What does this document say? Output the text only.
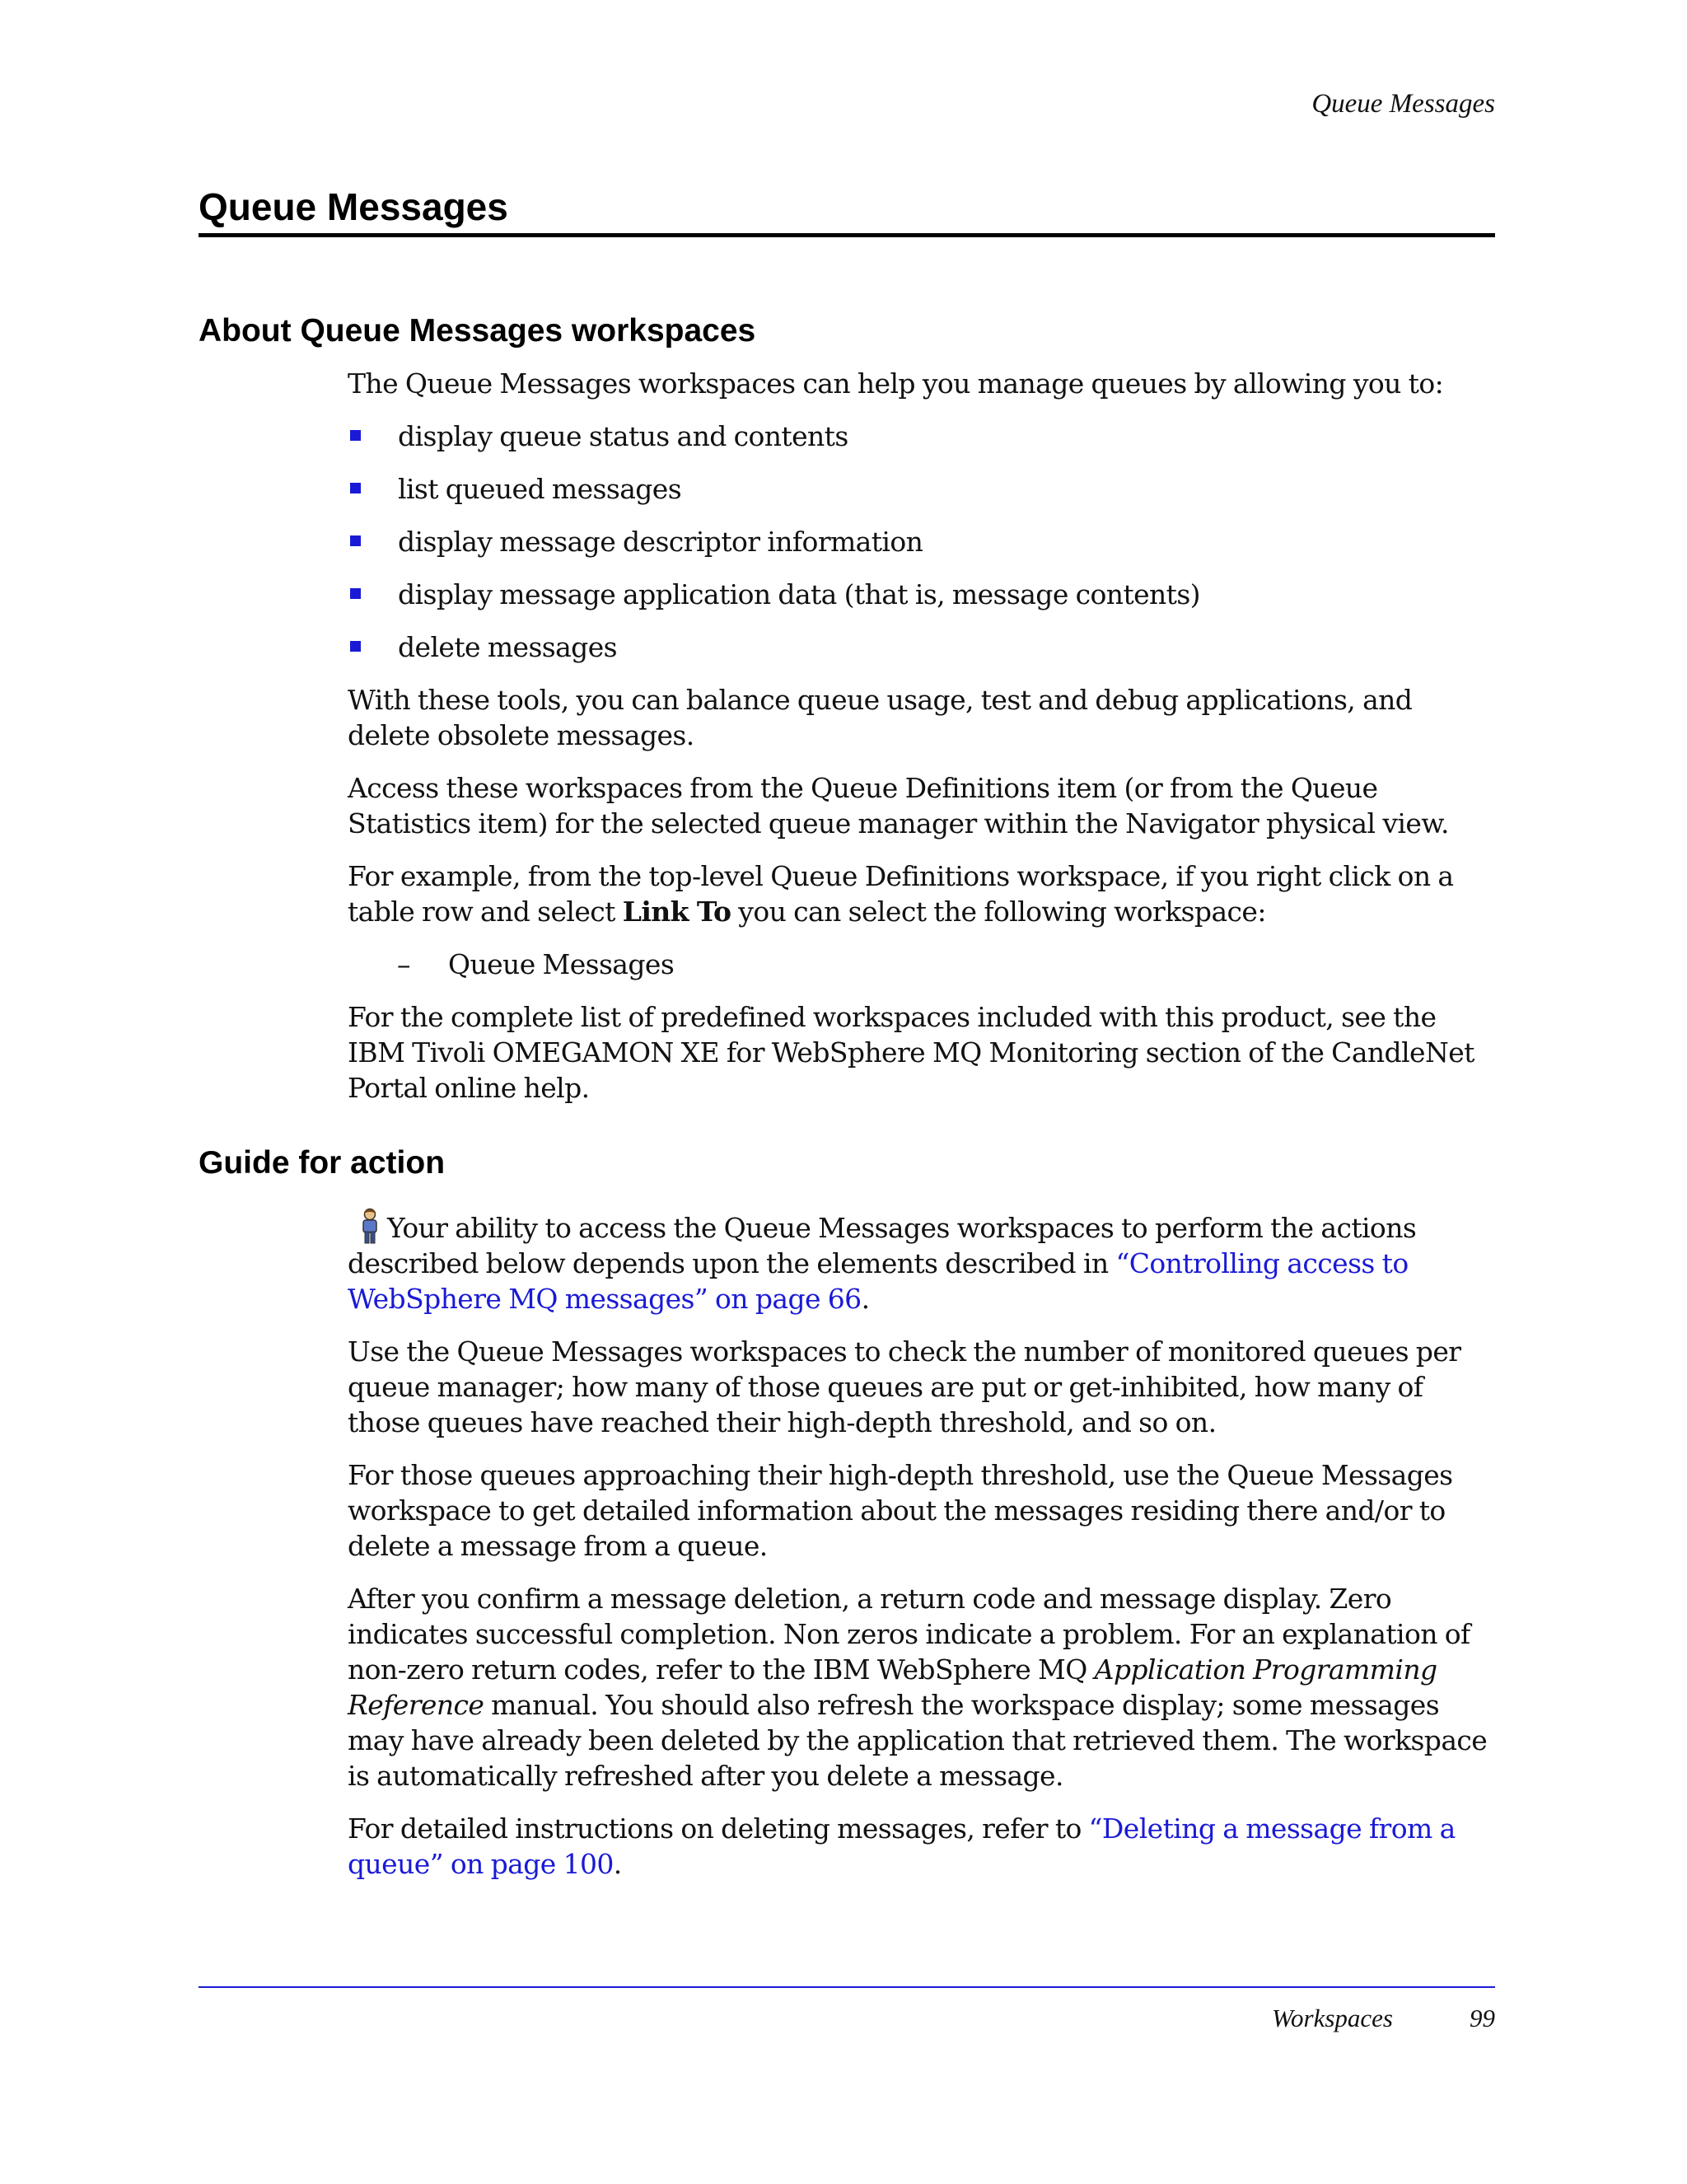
Queue Messages
Queue Messages
About Queue Messages workspaces

The Queue Messages workspaces can help you manage queues by allowing you to:

display queue status and contents
list queued messages
display message descriptor information
display message application data (that is, message contents)
delete messages

With these tools, you can balance queue usage, test and debug applications, and delete obsolete messages.

Access these workspaces from the Queue Definitions item (or from the Queue Statistics item) for the selected queue manager within the Navigator physical view.

For example, from the top-level Queue Definitions workspace, if you right click on a table row and select Link To you can select the following workspace:

– Queue Messages

For the complete list of predefined workspaces included with this product, see the IBM Tivoli OMEGAMON XE for WebSphere MQ Monitoring section of the CandleNet Portal online help.

Guide for action

Your ability to access the Queue Messages workspaces to perform the actions described below depends upon the elements described in “Controlling access to WebSphere MQ messages” on page 66.

Use the Queue Messages workspaces to check the number of monitored queues per queue manager; how many of those queues are put or get-inhibited, how many of those queues have reached their high-depth threshold, and so on.

For those queues approaching their high-depth threshold, use the Queue Messages workspace to get detailed information about the messages residing there and/or to delete a message from a queue.

After you confirm a message deletion, a return code and message display. Zero indicates successful completion. Non zeros indicate a problem. For an explanation of non-zero return codes, refer to the IBM WebSphere MQ Application Programming Reference manual. You should also refresh the workspace display; some messages may have already been deleted by the application that retrieved them. The workspace is automatically refreshed after you delete a message.

For detailed instructions on deleting messages, refer to “Deleting a message from a queue” on page 100.

Workspaces	99
